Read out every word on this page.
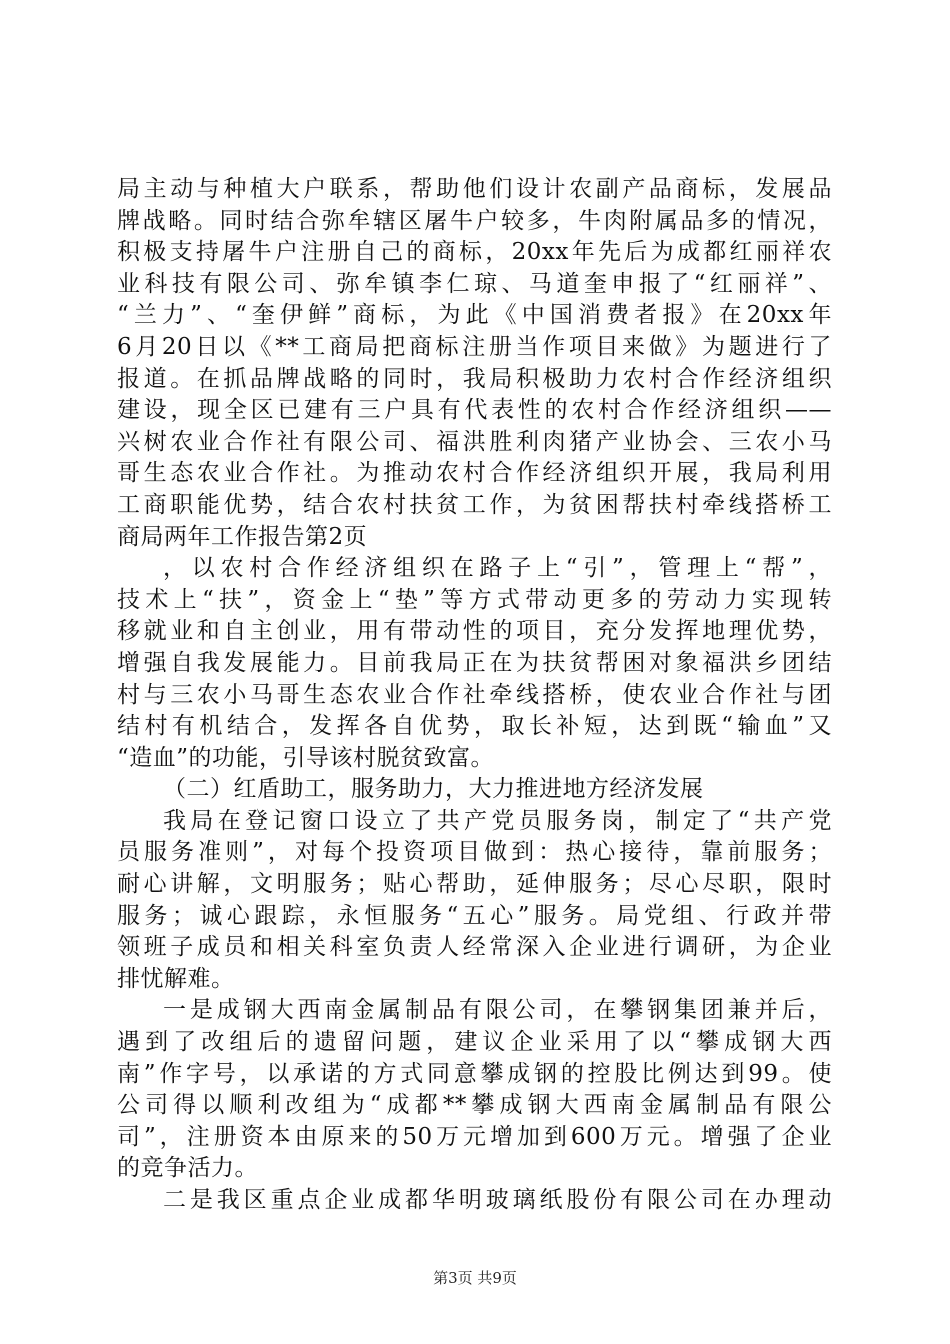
局主动与种植大户联系，帮助他们设计农副产品商标，发展品
牌战略。同时结合弥牟辖区屠牛户较多，牛肉附属品多的情况，
积极支持屠牛户注册自己的商标，20xx年先后为成都红丽祥农
业科技有限公司、弥牟镇李仁琼、马道奎申报了“红丽祥”、
“兰力”、“奎伊鲜”商标，为此《中国消费者报》在20xx年
6月20日以《**工商局把商标注册当作项目来做》为题进行了
报道。在抓品牌战略的同时，我局积极助力农村合作经济组织
建设，现全区已建有三户具有代表性的农村合作经济组织——
兴树农业合作社有限公司、福洪胜利肉猪产业协会、三农小马
哥生态农业合作社。为推动农村合作经济组织开展，我局利用
工商职能优势，结合农村扶贫工作，为贫困帮扶村牵线搭桥工
商局两年工作报告第2页
，以农村合作经济组织在路子上“引”，管理上“帮”，
技术上“扶”，资金上“垫”等方式带动更多的劳动力实现转
移就业和自主创业，用有带动性的项目，充分发挥地理优势，
增强自我发展能力。目前我局正在为扶贫帮困对象福洪乡团结
村与三农小马哥生态农业合作社牵线搭桥，使农业合作社与团
结村有机结合，发挥各自优势，取长补短，达到既“输血”又
“造血”的功能，引导该村脱贫致富。
（二）红盾助工，服务助力，大力推进地方经济发展
我局在登记窗口设立了共产党员服务岗，制定了“共产党
员服务准则”，对每个投资项目做到：热心接待，靠前服务；
耐心讲解，文明服务；贴心帮助，延伸服务；尽心尽职，限时
服务；诚心跟踪，永恒服务“五心”服务。局党组、行政并带
领班子成员和相关科室负责人经常深入企业进行调研，为企业
排忧解难。
一是成钢大西南金属制品有限公司，在攀钢集团兼并后，
遇到了改组后的遗留问题，建议企业采用了以“攀成钢大西
南”作字号，以承诺的方式同意攀成钢的控股比例达到99。使
公司得以顺利改组为“成都**攀成钢大西南金属制品有限公
司”，注册资本由原来的50万元增加到600万元。增强了企业
的竞争活力。
二是我区重点企业成都华明玻璃纸股份有限公司在办理动
第3页 共9页
